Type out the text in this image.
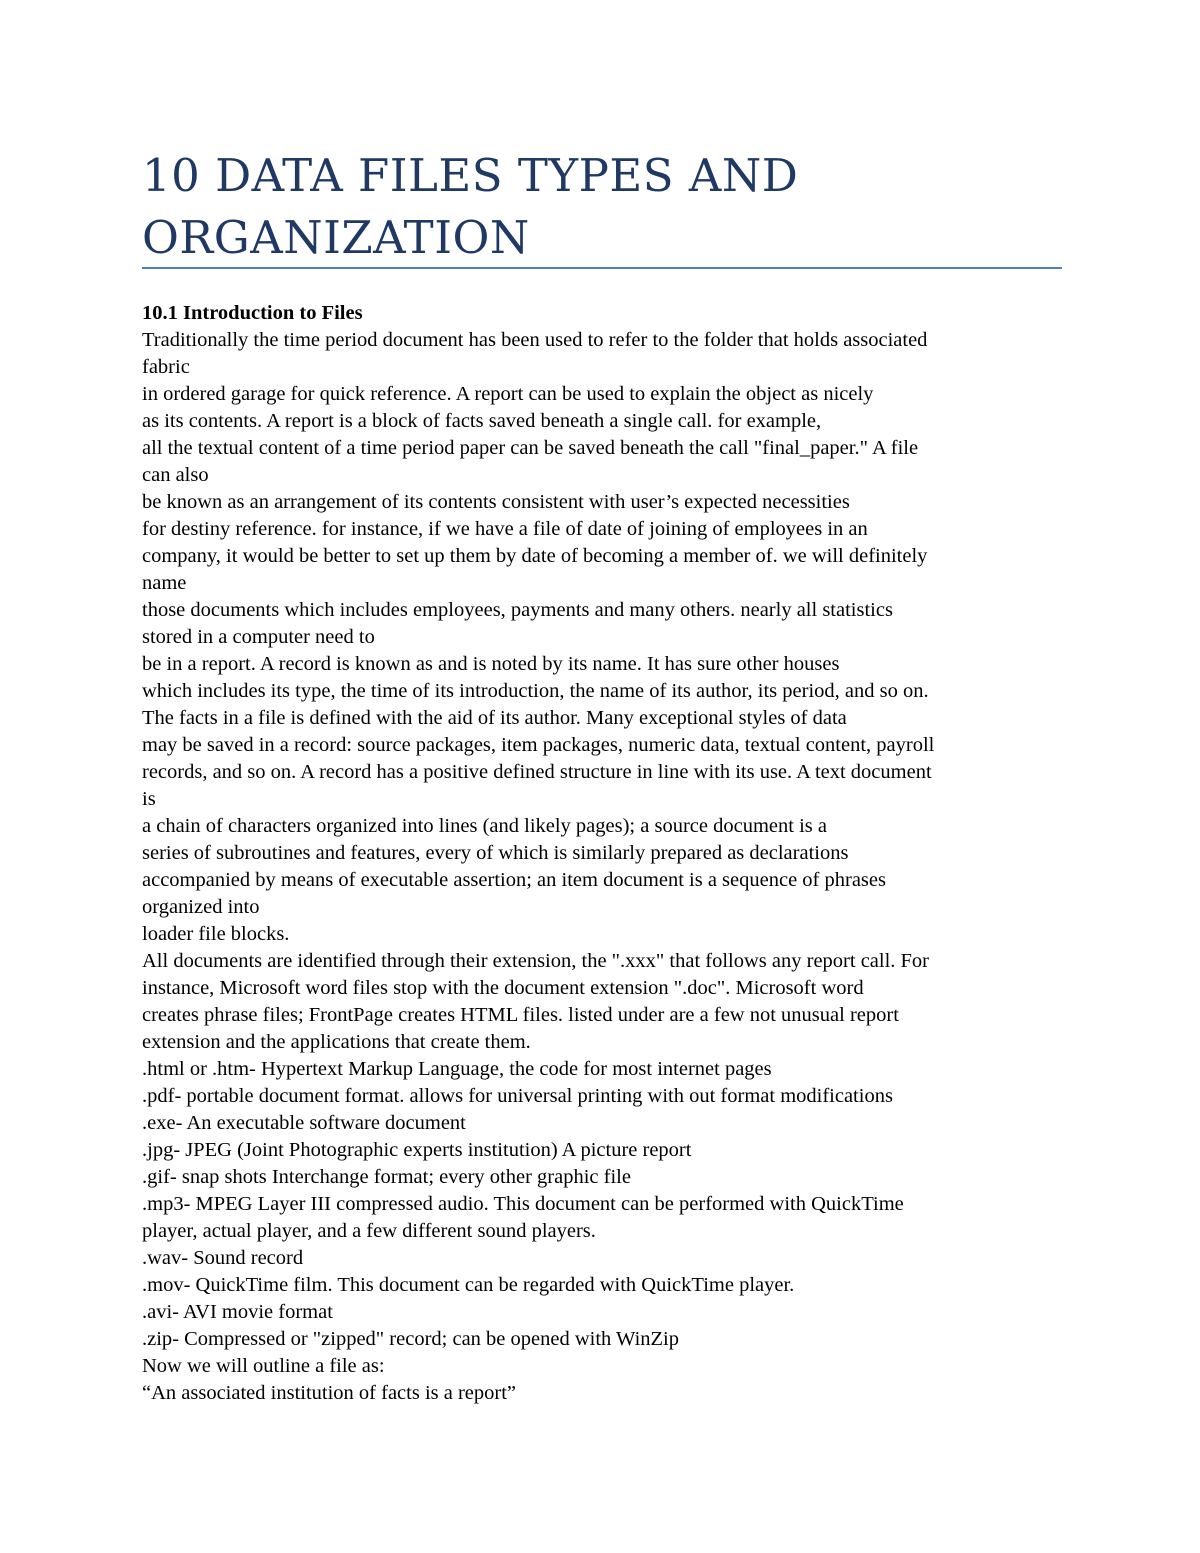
10 DATA FILES TYPES AND
ORGANIZATION
10.1 Introduction to Files
Traditionally the time period document has been used to refer to the folder that holds associated
fabric
in ordered garage for quick reference. A report can be used to explain the object as nicely
as its contents. A report is a block of facts saved beneath a single call. for example,
all the textual content of a time period paper can be saved beneath the call "final_paper." A file
can also
be known as an arrangement of its contents consistent with user’s expected necessities
for destiny reference. for instance, if we have a file of date of joining of employees in an
company, it would be better to set up them by date of becoming a member of. we will definitely
name
those documents which includes employees, payments and many others. nearly all statistics
stored in a computer need to
be in a report. A record is known as and is noted by its name. It has sure other houses
which includes its type, the time of its introduction, the name of its author, its period, and so on.
The facts in a file is defined with the aid of its author. Many exceptional styles of data
may be saved in a record: source packages, item packages, numeric data, textual content, payroll
records, and so on. A record has a positive defined structure in line with its use. A text document
is
a chain of characters organized into lines (and likely pages); a source document is a
series of subroutines and features, every of which is similarly prepared as declarations
accompanied by means of executable assertion; an item document is a sequence of phrases
organized into
loader file blocks.
All documents are identified through their extension, the ".xxx" that follows any report call. For
instance, Microsoft word files stop with the document extension ".doc". Microsoft word
creates phrase files; FrontPage creates HTML files. listed under are a few not unusual report
extension and the applications that create them.
.html or .htm- Hypertext Markup Language, the code for most internet pages
.pdf- portable document format. allows for universal printing with out format modifications
.exe- An executable software document
.jpg- JPEG (Joint Photographic experts institution) A picture report
.gif- snap shots Interchange format; every other graphic file
.mp3- MPEG Layer III compressed audio. This document can be performed with QuickTime
player, actual player, and a few different sound players.
.wav- Sound record
.mov- QuickTime film. This document can be regarded with QuickTime player.
.avi- AVI movie format
.zip- Compressed or "zipped" record; can be opened with WinZip
Now we will outline a file as:
“An associated institution of facts is a report”
